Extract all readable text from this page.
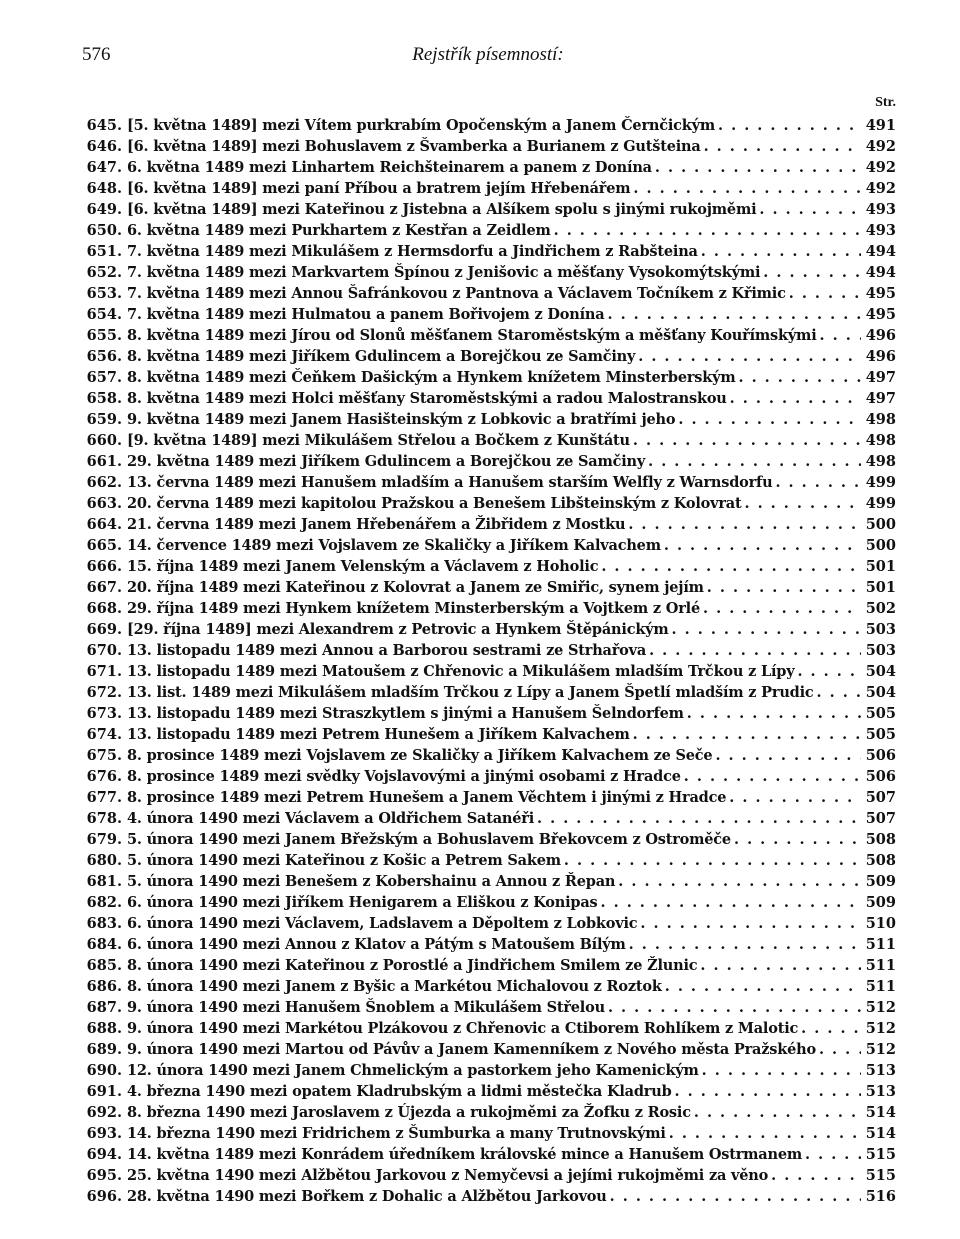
576	Rejstřík písemností:
Str.
645. [5. května 1489] mezi Vítem purkrabím Opočenským a Janem Černčickým . . .	491
646. [6. května 1489] mezi Bohuslavem z Švamberka a Burianem z Gutšteina . . .	492
647. 6. května 1489 mezi Linhartem Reichšteinarem a panem z Donína . . .	492
648. [6. května 1489] mezi paní Příbou a bratrem jejím Hřebenářem . . .	492
649. [6. května 1489] mezi Kateřinou z Jistebna a Alšíkem spolu s jinými rukojměmi . . .	493
650. 6. května 1489 mezi Purkhartem z Kestřan a Zeidlem . . .	493
651. 7. května 1489 mezi Mikulášem z Hermsdorfu a Jindřichem z Rabšteina . . .	494
652. 7. května 1489 mezi Markvartem Špínou z Jenišovic a měšťany Vysokomýtskými . . .	494
653. 7. května 1489 mezi Annou Šafránkovou z Pantnova a Václavem Točníkem z Křimic . . .	495
654. 7. května 1489 mezi Hulmatou a panem Bořivojem z Donína . . .	495
655. 8. května 1489 mezi Jírou od Slonů měšťanem Staroměstským a měšťany Kouřímskými . . .	496
656. 8. května 1489 mezi Jiříkem Gdulincem a Borejčkou ze Samčiny . . .	496
657. 8. května 1489 mezi Čeňkem Dašickým a Hynkem knížetem Minsterberským . . .	497
658. 8. května 1489 mezi Holci měšťany Staroměstskými a radou Malostranskou . . .	497
659. 9. května 1489 mezi Janem Hasišteinským z Lobkovic a bratřími jeho . . .	498
660. [9. května 1489] mezi Mikulášem Střelou a Bočkem z Kunštátu . . .	498
661. 29. května 1489 mezi Jiříkem Gdulincem a Borejčkou ze Samčiny . . .	498
662. 13. června 1489 mezi Hanušem mladším a Hanušem starším Welfly z Warnsdorfu . . .	499
663. 20. června 1489 mezi kapitolou Pražskou a Benešem Libšteinským z Kolovrat . . .	499
664. 21. června 1489 mezi Janem Hřebenářem a Žibřidem z Mostku . . .	500
665. 14. července 1489 mezi Vojslavem ze Skaličky a Jiříkem Kalvachem . . .	500
666. 15. října 1489 mezi Janem Velenským a Václavem z Hoholic . . .	501
667. 20. října 1489 mezi Kateřinou z Kolovrat a Janem ze Smiřic, synem jejím . . .	501
668. 29. října 1489 mezi Hynkem knížetem Minsterberským a Vojtkem z Orlé . . .	502
669. [29. října 1489] mezi Alexandrem z Petrovic a Hynkem Štěpánickým . . .	503
670. 13. listopadu 1489 mezi Annou a Barborou sestrami ze Strhařova . . .	503
671. 13. listopadu 1489 mezi Matoušem z Chřenovic a Mikulášem mladším Trčkou z Lípy . . .	504
672. 13. list. 1489 mezi Mikulášem mladším Trčkou z Lípy a Janem Špetlí mladším z Prudic . . .	504
673. 13. listopadu 1489 mezi Straszkytlem s jinými a Hanušem Šelndorfem . . .	505
674. 13. listopadu 1489 mezi Petrem Hunešem a Jiříkem Kalvachem . . .	505
675. 8. prosince 1489 mezi Vojslavem ze Skaličky a Jiříkem Kalvachem ze Seče . . .	506
676. 8. prosince 1489 mezi svědky Vojslavovými a jinými osobami z Hradce . . .	506
677. 8. prosince 1489 mezi Petrem Hunešem a Janem Věchtem i jinými z Hradce . . .	507
678. 4. února 1490 mezi Václavem a Oldřichem Satanéři . . .	507
679. 5. února 1490 mezi Janem Břežským a Bohuslavem Břekovcem z Ostroměče . . .	508
680. 5. února 1490 mezi Kateřinou z Košic a Petrem Sakem . . .	508
681. 5. února 1490 mezi Benešem z Kobershainu a Annou z Řepan . . .	509
682. 6. února 1490 mezi Jiříkem Henigarem a Eliškou z Konipas . . .	509
683. 6. února 1490 mezi Václavem, Ladslavem a Děpoltem z Lobkovic . . .	510
684. 6. února 1490 mezi Annou z Klatov a Pátým s Matoušem Bílým . . .	511
685. 8. února 1490 mezi Kateřinou z Porostlé a Jindřichem Smilem ze Žlunic . . .	511
686. 8. února 1490 mezi Janem z Byšic a Markétou Michalovou z Roztok . . .	511
687. 9. února 1490 mezi Hanušem Šnoblem a Mikulášem Střelou . . .	512
688. 9. února 1490 mezi Markétou Plzákovou z Chřenovic a Ctiborem Rohlíkem z Malotic . . .	512
689. 9. února 1490 mezi Martou od Pávův a Janem Kamenníkem z Nového města Pražského . . .	512
690. 12. února 1490 mezi Janem Chmelickým a pastorkem jeho Kamenickým . . .	513
691. 4. března 1490 mezi opatem Kladrubským a lidmi městečka Kladrub . . .	513
692. 8. března 1490 mezi Jaroslavem z Újezda a rukojměmi za Žofku z Rosic . . .	514
693. 14. března 1490 mezi Fridrichem z Šumburka a many Trutnovskými . . .	514
694. 14. května 1489 mezi Konrádem úředníkem královské mince a Hanušem Ostrmanem . . .	515
695. 25. května 1490 mezi Alžbětou Jarkovou z Nemyčevsi a jejími rukojměmi za věno . . .	515
696. 28. května 1490 mezi Bořkem z Dohalic a Alžbětou Jarkovou . . .	516
